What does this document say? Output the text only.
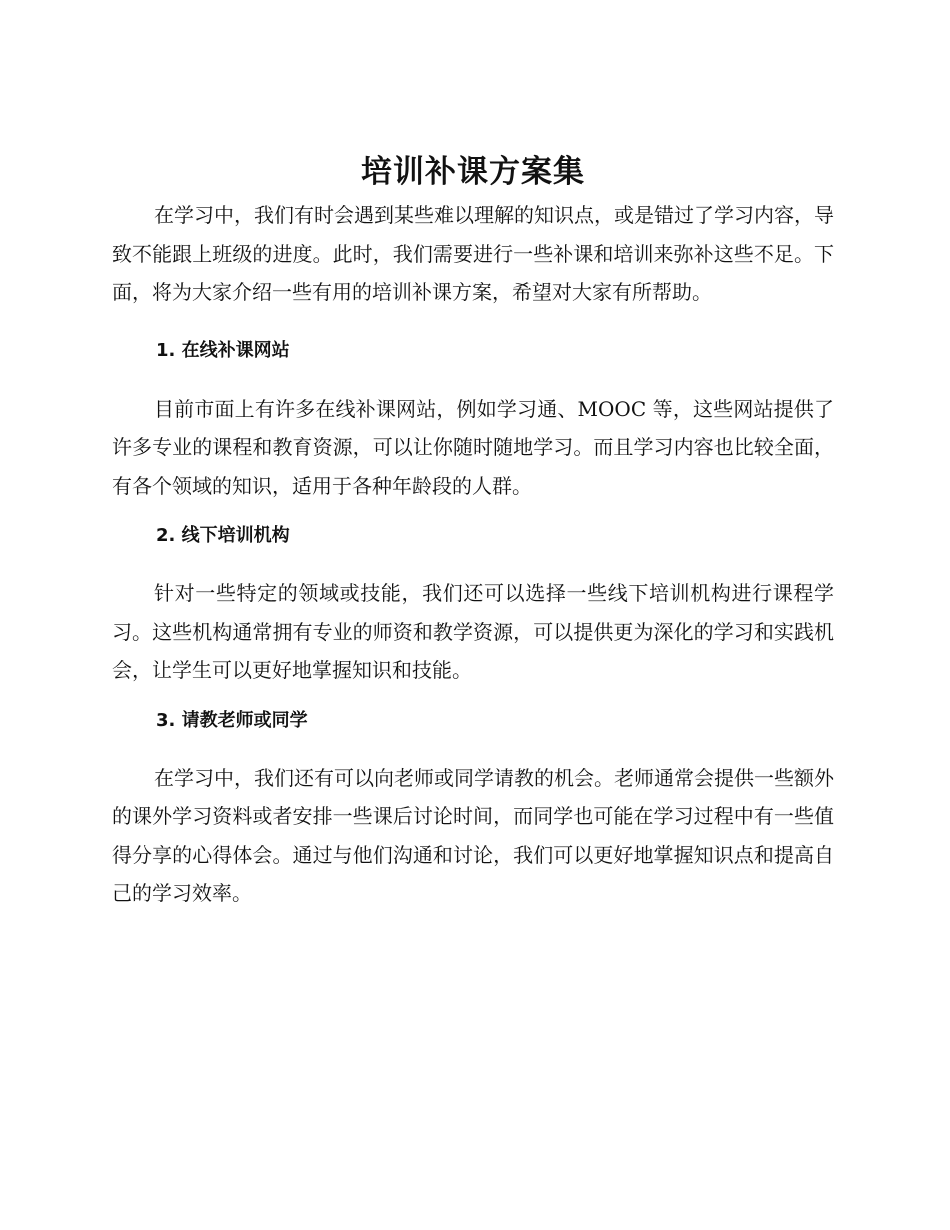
培训补课方案集

在学习中，我们有时会遇到某些难以理解的知识点，或是错过了学习内容，导致不能跟上班级的进度。此时，我们需要进行一些补课和培训来弥补这些不足。下面，将为大家介绍一些有用的培训补课方案，希望对大家有所帮助。

1. 在线补课网站

目前市面上有许多在线补课网站，例如学习通、MOOC 等，这些网站提供了许多专业的课程和教育资源，可以让你随时随地学习。而且学习内容也比较全面，有各个领域的知识，适用于各种年龄段的人群。

2. 线下培训机构

针对一些特定的领域或技能，我们还可以选择一些线下培训机构进行课程学习。这些机构通常拥有专业的师资和教学资源，可以提供更为深化的学习和实践机会，让学生可以更好地掌握知识和技能。

3. 请教老师或同学

在学习中，我们还有可以向老师或同学请教的机会。老师通常会提供一些额外的课外学习资料或者安排一些课后讨论时间，而同学也可能在学习过程中有一些值得分享的心得体会。通过与他们沟通和讨论，我们可以更好地掌握知识点和提高自己的学习效率。
